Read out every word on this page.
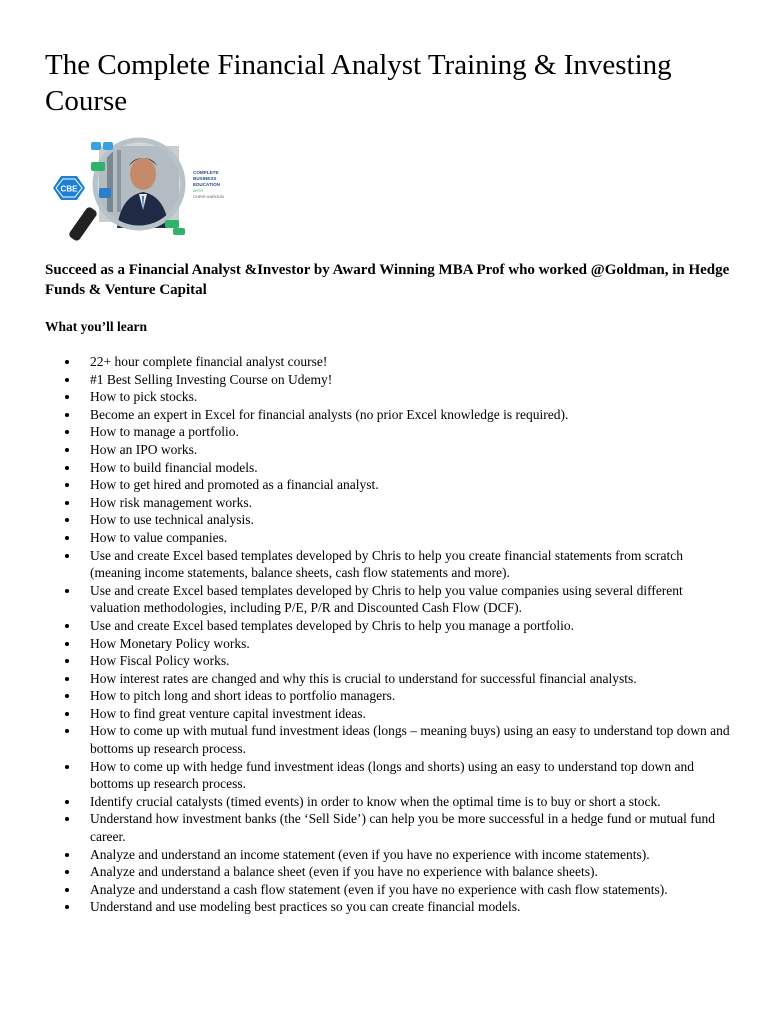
The Complete Financial Analyst Training & Investing Course
CBE
COMPLETE
BUSINESS
EDUCATION
WITH
CHRIS HAROUN

Succeed as a Financial Analyst &Investor by Award Winning MBA Prof who worked @Goldman, in Hedge Funds & Venture Capital

What you’ll learn

22+ hour complete financial analyst course!
#1 Best Selling Investing Course on Udemy!
How to pick stocks.
Become an expert in Excel for financial analysts (no prior Excel knowledge is required).
How to manage a portfolio.
How an IPO works.
How to build financial models.
How to get hired and promoted as a financial analyst.
How risk management works.
How to use technical analysis.
How to value companies.
Use and create Excel based templates developed by Chris to help you create financial statements from scratch (meaning income statements, balance sheets, cash flow statements and more).
Use and create Excel based templates developed by Chris to help you value companies using several different valuation methodologies, including P/E, P/R and Discounted Cash Flow (DCF).
Use and create Excel based templates developed by Chris to help you manage a portfolio.
How Monetary Policy works.
How Fiscal Policy works.
How interest rates are changed and why this is crucial to understand for successful financial analysts.
How to pitch long and short ideas to portfolio managers.
How to find great venture capital investment ideas.
How to come up with mutual fund investment ideas (longs – meaning buys) using an easy to understand top down and bottoms up research process.
How to come up with hedge fund investment ideas (longs and shorts) using an easy to understand top down and bottoms up research process.
Identify crucial catalysts (timed events) in order to know when the optimal time is to buy or short a stock.
Understand how investment banks (the ‘Sell Side’) can help you be more successful in a hedge fund or mutual fund career.
Analyze and understand an income statement (even if you have no experience with income statements).
Analyze and understand a balance sheet (even if you have no experience with balance sheets).
Analyze and understand a cash flow statement (even if you have no experience with cash flow statements).
Understand and use modeling best practices so you can create financial models.
